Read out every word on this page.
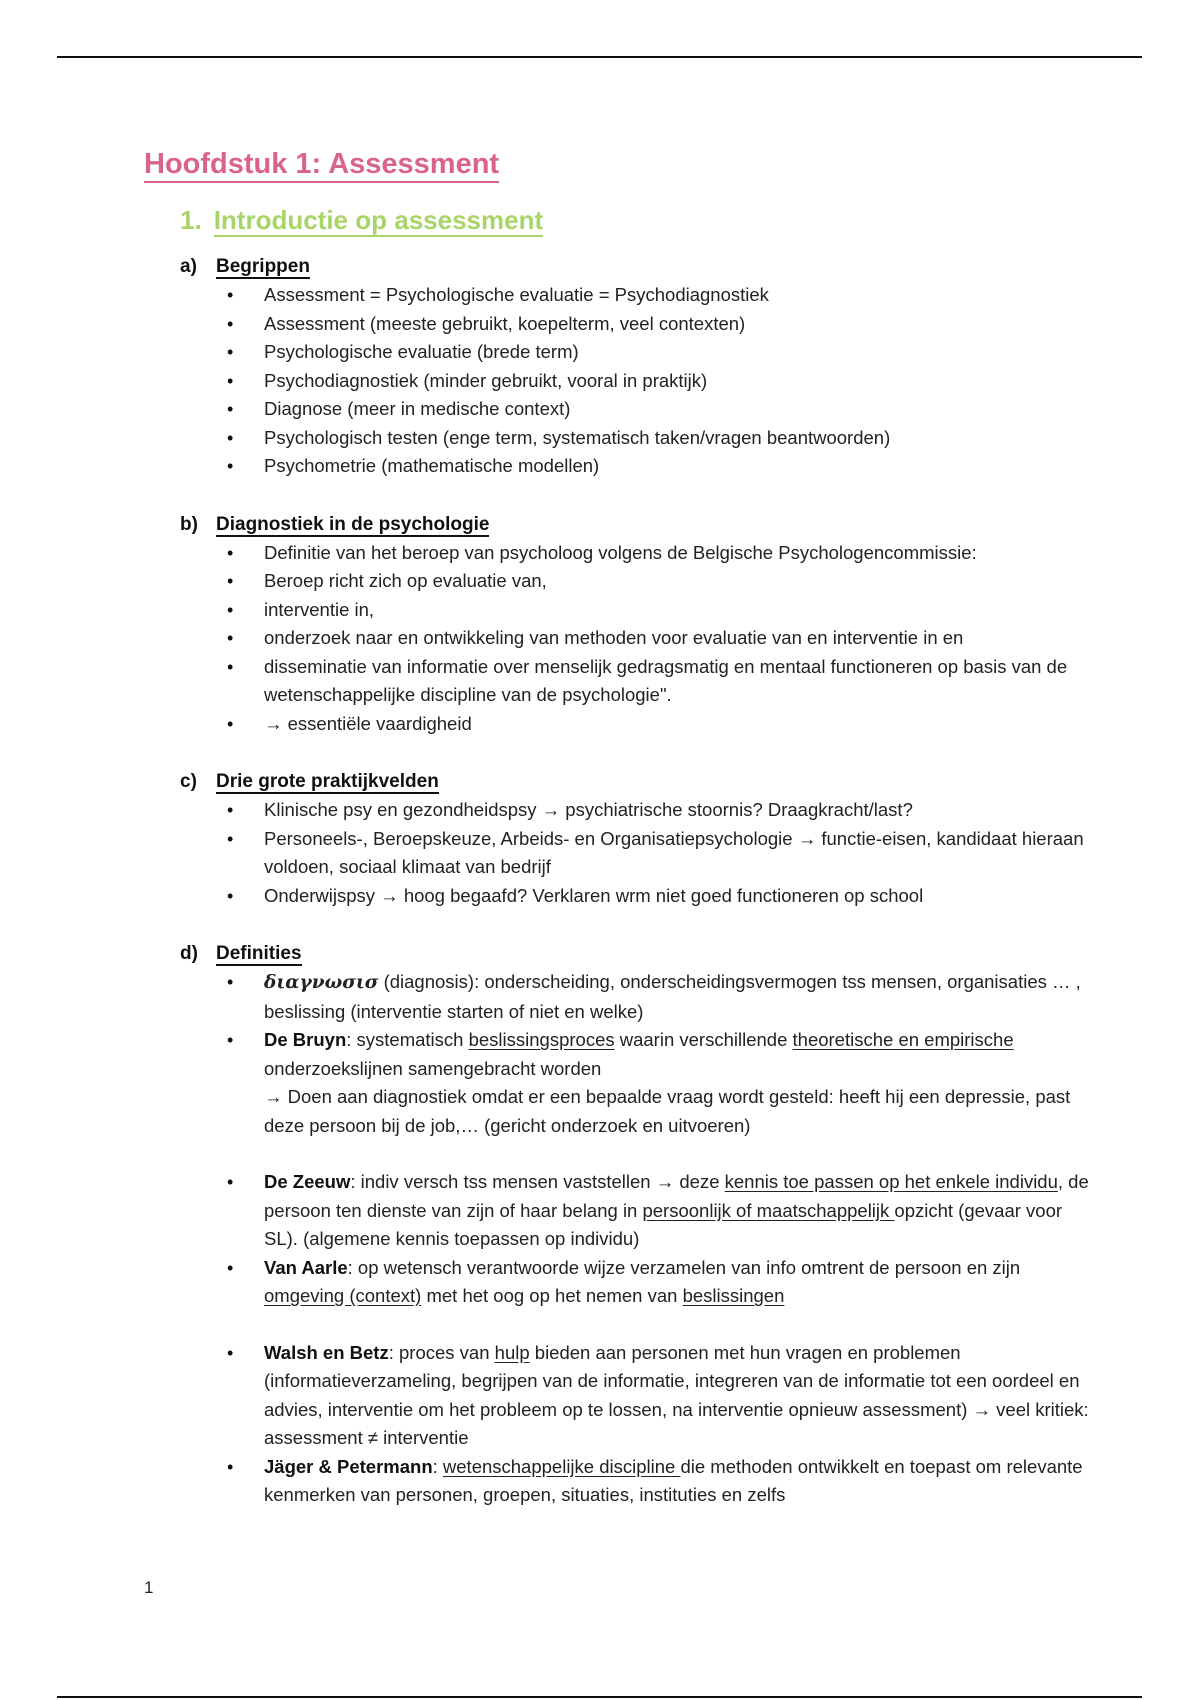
Hoofdstuk 1: Assessment
1. Introductie op assessment
a) Begrippen
• Assessment = Psychologische evaluatie = Psychodiagnostiek
• Assessment (meeste gebruikt, koepelterm, veel contexten)
• Psychologische evaluatie (brede term)
• Psychodiagnostiek (minder gebruikt, vooral in praktijk)
• Diagnose (meer in medische context)
• Psychologisch testen (enge term, systematisch taken/vragen beantwoorden)
• Psychometrie (mathematische modellen)
b) Diagnostiek in de psychologie
• Definitie van het beroep van psycholoog volgens de Belgische Psychologencommissie:
• Beroep richt zich op evaluatie van,
• interventie in,
• onderzoek naar en ontwikkeling van methoden voor evaluatie van en interventie in en
• disseminatie van informatie over menselijk gedragsmatig en mentaal functioneren op basis van de wetenschappelijke discipline van de psychologie".
• → essentiële vaardigheid
c) Drie grote praktijkvelden
• Klinische psy en gezondheidspsy → psychiatrische stoornis? Draagkracht/last?
• Personeels-, Beroepskeuze, Arbeids- en Organisatiepsychologie → functie-eisen, kandidaat hieraan voldoen, sociaal klimaat van bedrijf
• Onderwijspsy → hoog begaafd? Verklaren wrm niet goed functioneren op school
d) Definities
• διαγνωσισ (diagnosis): onderscheiding, onderscheidingsvermogen tss mensen, organisaties … , beslissing (interventie starten of niet en welke)
• De Bruyn: systematisch beslissingsproces waarin verschillende theoretische en empirische onderzoekslijnen samengebracht worden
→ Doen aan diagnostiek omdat er een bepaalde vraag wordt gesteld: heeft hij een depressie, past deze persoon bij de job,… (gericht onderzoek en uitvoeren)
• De Zeeuw: indiv versch tss mensen vaststellen → deze kennis toe passen op het enkele individu, de persoon ten dienste van zijn of haar belang in persoonlijk of maatschappelijk opzicht (gevaar voor SL). (algemene kennis toepassen op individu)
• Van Aarle: op wetensch verantwoorde wijze verzamelen van info omtrent de persoon en zijn omgeving (context) met het oog op het nemen van beslissingen
• Walsh en Betz: proces van hulp bieden aan personen met hun vragen en problemen (informatieverzameling, begrijpen van de informatie, integreren van de informatie tot een oordeel en advies, interventie om het probleem op te lossen, na interventie opnieuw assessment) → veel kritiek: assessment ≠ interventie
• Jäger & Petermann: wetenschappelijke discipline die methoden ontwikkelt en toepast om relevante kenmerken van personen, groepen, situaties, instituties en zelfs
1
